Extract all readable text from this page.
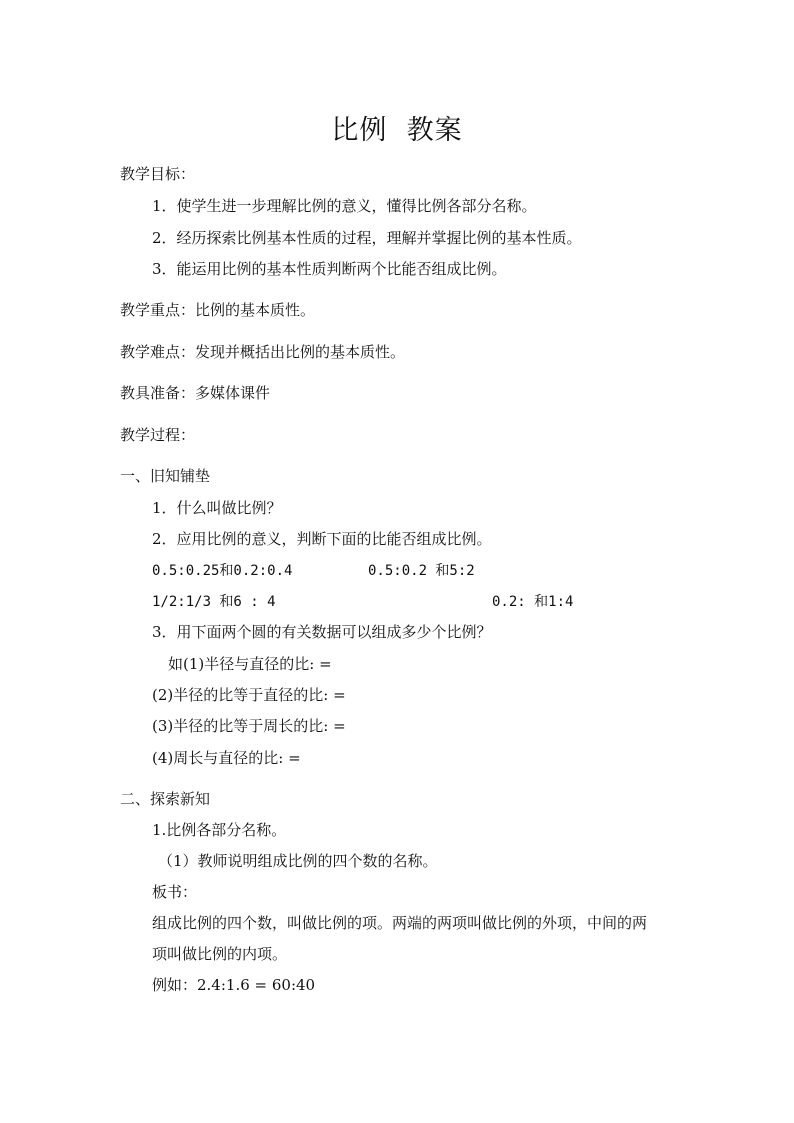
比例  教案
教学目标：
1．使学生进一步理解比例的意义，懂得比例各部分名称。
2．经历探索比例基本性质的过程，理解并掌握比例的基本性质。
3．能运用比例的基本性质判断两个比能否组成比例。
教学重点：比例的基本质性。
教学难点：发现并概括出比例的基本质性。
教具准备：多媒体课件
教学过程：
一、旧知铺垫
1．什么叫做比例？
2．应用比例的意义，判断下面的比能否组成比例。
0.5:0.25和0.2:0.4	0.5:0.2 和5:2
1/2:1/3 和6 : 4	0.2: 和1:4
3．用下面两个圆的有关数据可以组成多少个比例？
如(1)半径与直径的比: =
(2)半径的比等于直径的比: =
(3)半径的比等于周长的比: =
(4)周长与直径的比: =
二、探索新知
1.比例各部分名称。
（1）教师说明组成比例的四个数的名称。
板书：
组成比例的四个数，叫做比例的项。两端的两项叫做比例的外项，中间的两
项叫做比例的内项。
例如：2.4:1.6 = 60:40
